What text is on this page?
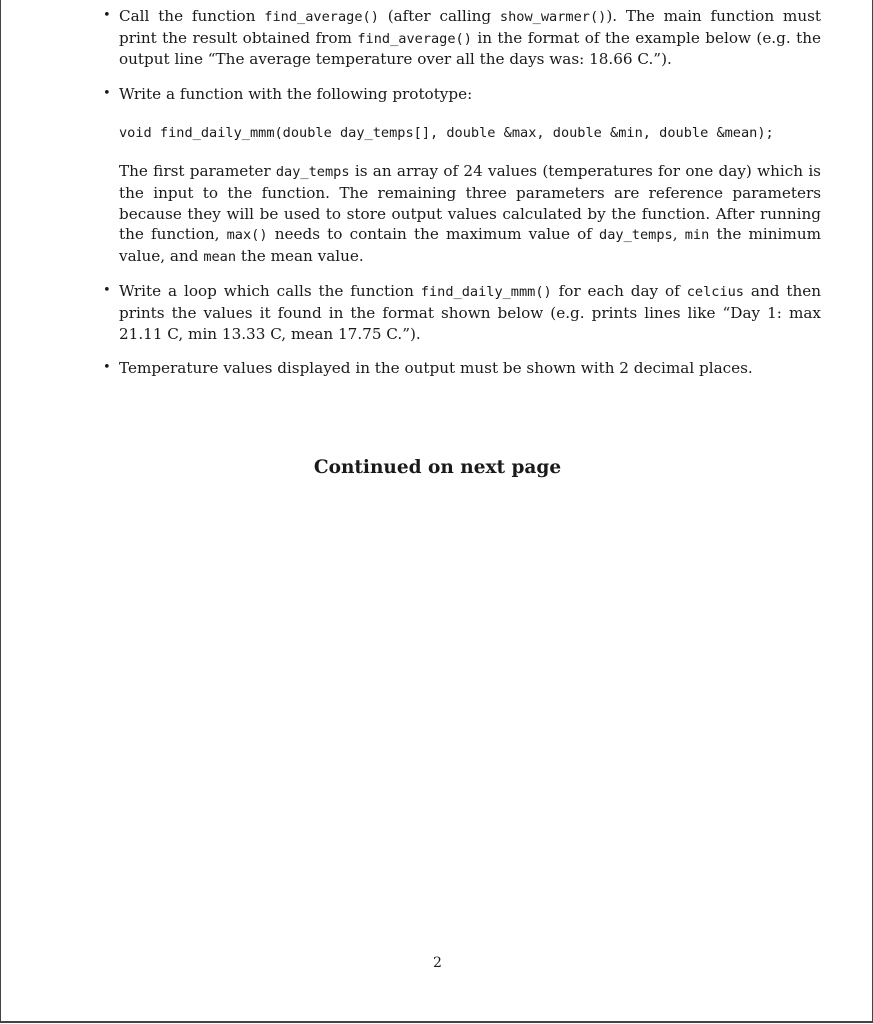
• Call the function find_average() (after calling show_warmer()). The main function must print the result obtained from find_average() in the format of the example below (e.g. the output line “The average temperature over all the days was: 18.66 C.”).
• Write a function with the following prototype:
void find_daily_mmm(double day_temps[], double &max, double &min, double &mean);
The first parameter day_temps is an array of 24 values (temperatures for one day) which is the input to the function. The remaining three parameters are reference parameters because they will be used to store output values calculated by the function. After running the function, max() needs to contain the maximum value of day_temps, min the minimum value, and mean the mean value.
• Write a loop which calls the function find_daily_mmm() for each day of celcius and then prints the values it found in the format shown below (e.g. prints lines like “Day 1: max 21.11 C, min 13.33 C, mean 17.75 C.”).
• Temperature values displayed in the output must be shown with 2 decimal places.
Continued on next page
2
